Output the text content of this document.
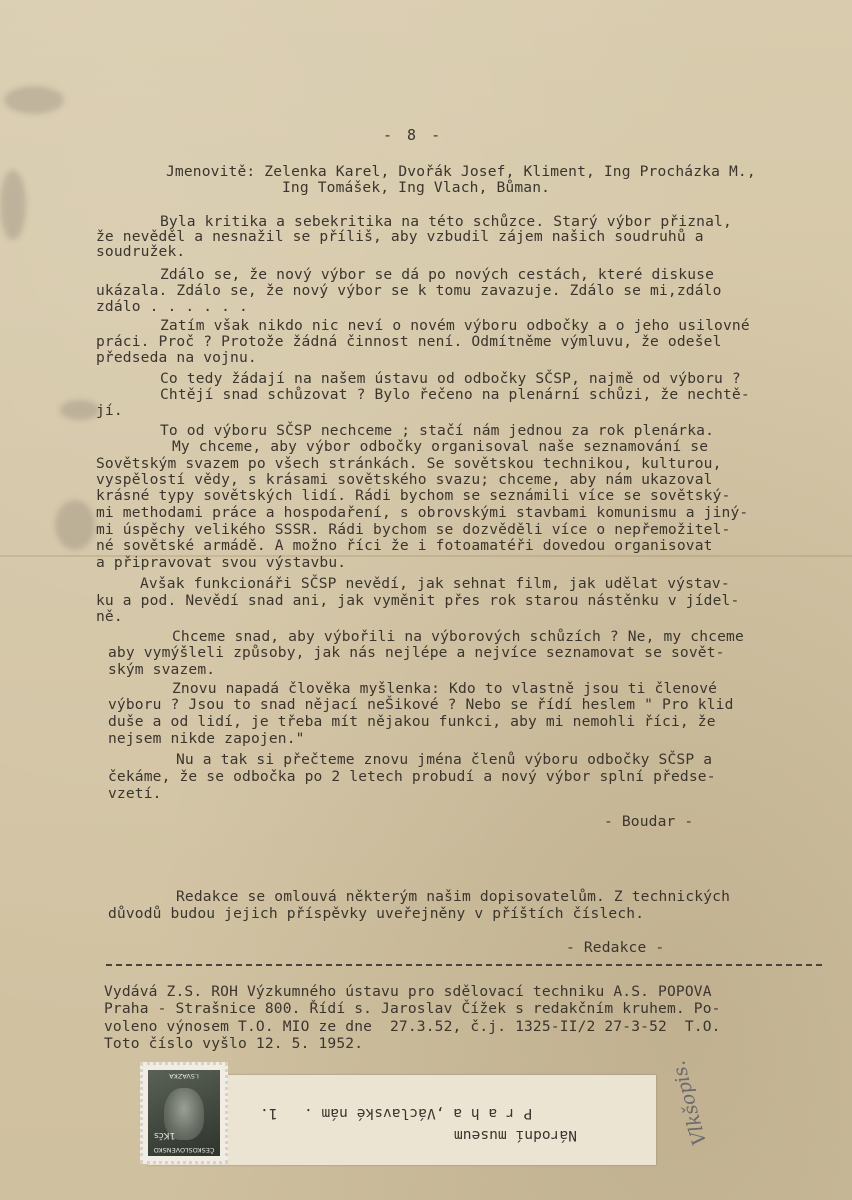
- 8 -

Jmenovitě: Zelenka Karel, Dvořák Josef, Kliment, Ing Procházka M.,

Ing Tomášek, Ing Vlach, Bůman.

Byla kritika a sebekritika na této schůzce. Starý výbor přiznal,

že nevěděl a nesnažil se příliš, aby vzbudil zájem našich soudruhů a

soudružek.

Zdálo se, že nový výbor se dá po nových cestách, které diskuse

ukázala. Zdálo se, že nový výbor se k tomu zavazuje. Zdálo se mi,zdálo

zdálo . . . . . .

Zatím však nikdo nic neví o novém výboru odbočky a o jeho usilovné

práci. Proč ? Protože žádná činnost není. Odmítněme výmluvu, že odešel

předseda na vojnu.

Co tedy žádají na našem ústavu od odbočky SČSP, najmě od výboru ?

Chtějí snad schůzovat ? Bylo řečeno na plenární schůzi, že nechtě-

jí.

To od výboru SČSP nechceme ; stačí nám jednou za rok plenárka.

My chceme, aby výbor odbočky organisoval naše seznamování se

Sovětským svazem po všech stránkách. Se sovětskou technikou, kulturou,

vyspělostí vědy, s krásami sovětského svazu; chceme, aby nám ukazoval

krásné typy sovětských lidí. Rádi bychom se seznámili více se sovětský-

mi methodami práce a hospodaření, s obrovskými stavbami komunismu a jiný-

mi úspěchy velikého SSSR. Rádi bychom se dozvěděli více o nepřemožitel-

né sovětské armádě. A možno říci že i fotoamatéři dovedou organisovat

a připravovat svou výstavbu.

Avšak funkcionáři SČSP nevědí, jak sehnat film, jak udělat výstav-

ku a pod. Nevědí snad ani, jak vyměnit přes rok starou nástěnku v jídel-

ně.

Chceme snad, aby výbořili na výborových schůzích ? Ne, my chceme

aby vymýšleli způsoby, jak nás nejlépe a nejvíce seznamovat se sovět-

ským svazem.

Znovu napadá člověka myšlenka: Kdo to vlastně jsou ti členové

výboru ? Jsou to snad nějací neŠikové ? Nebo se řídí heslem " Pro klid

duše a od lidí, je třeba mít nějakou funkci, aby mi nemohli říci, že

nejsem nikde zapojen."

Nu a tak si přečteme znovu jména členů výboru odbočky SČSP a

čekáme, že se odbočka po 2 letech probudí a nový výbor splní předse-

vzetí.

- Boudar -

Redakce se omlouvá některým našim dopisovatelům. Z technických

důvodů budou jejich příspěvky uveřejněny v příštích číslech.

- Redakce -

Vydává Z.S. ROH Výzkumného ústavu pro sdělovací techniku A.S. POPOVA

Praha - Strašnice 800. Řídí s. Jaroslav Čížek s redakčním kruhem. Po-

voleno výnosem T.O. MIO ze dne  27.3.52, č.j. 1325-II/2 27-3-52  T.O.

Toto číslo vyšlo 12. 5. 1952.

Národní museum
P r a h a ,Václavské nám .   1.
I.SVAZKA
ČESKOSLOVENSKO
1Kčs	Vlkšopis.
